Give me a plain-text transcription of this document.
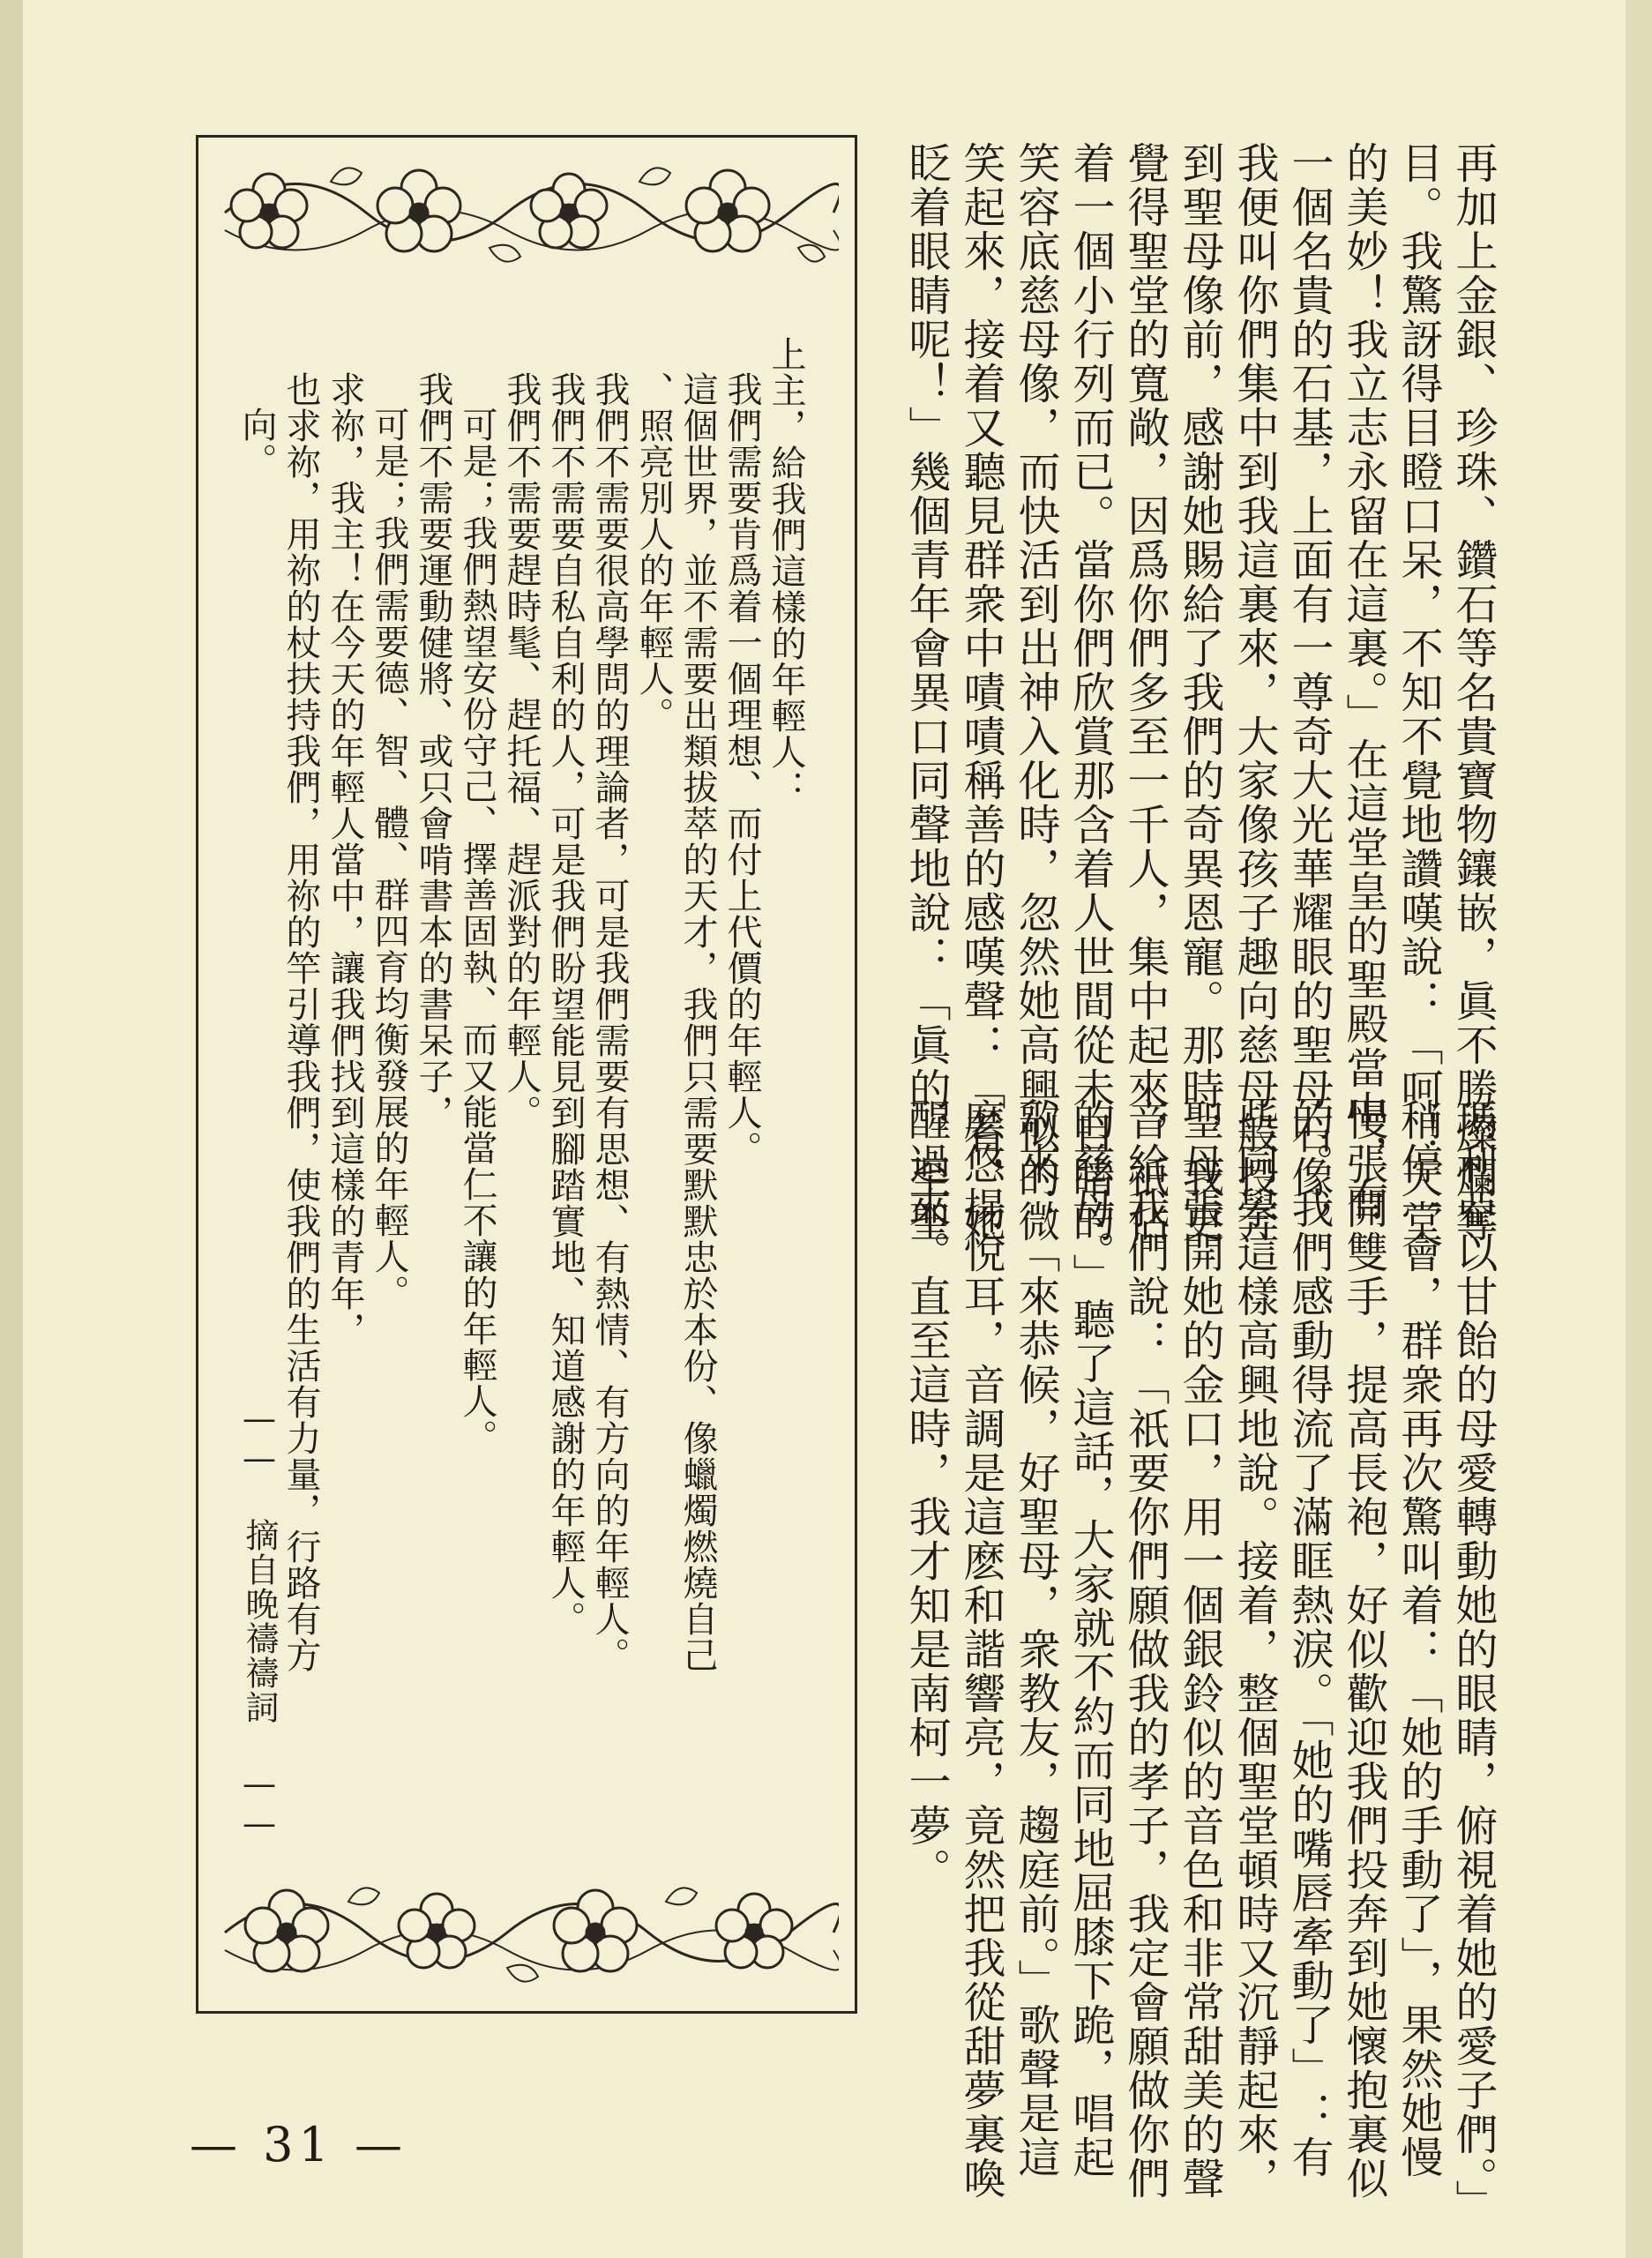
再加上金銀、珍珠、鑽石等名貴寶物鑲嵌，眞不勝燦爛奪
目。我驚訝得目瞪口呆，不知不覺地讚嘆說：「呵！天堂
的美妙！我立志永留在這裏。」在這堂皇的聖殿當中，有
一個名貴的石基，上面有一尊奇大光華耀眼的聖母石像，
我便叫你們集中到我這裏來，大家像孩子趣向慈母般投奔
到聖母像前，感謝她賜給了我們的奇異恩寵。那時，我更
覺得聖堂的寬敞，因爲你們多至一千人，集中起來，祇佔
着一個小行列而已。當你們欣賞那含着人世間從未目睹的
笑容底慈母像，而快活到出神入化時，忽然她高興似的微
笑起來，接着又聽見群衆中嘖嘖稱善的感嘆聲：「看，她
眨着眼睛呢！」幾個青年會異口同聲地說：「眞的，至聖
瑪利亞以甘飴的母愛轉動她的眼睛，俯視着她的愛子們。」
稍停一會，群衆再次驚叫着：「她的手動了」，果然她慢
慢張開雙手，提高長袍，好似歡迎我們投奔到她懷抱裏似
的。我們感動得流了滿眶熱淚。「她的嘴唇牽動了」：有
些同學這樣高興地說。接着，整個聖堂頓時又沉靜起來，
聖母張開她的金口，用一個銀鈴似的音色和非常甜美的聲
音給我們說：「祇要你們願做我的孝子，我定會願做你們
的慈母。」聽了這話，大家就不約而同地屈膝下跪，唱起
歌來：「來恭候，好聖母，衆教友，趨庭前。」歌聲是這
麽悠揚悅耳，音調是這麽和諧響亮，竟然把我從甜夢裏喚
醒過來。直至這時，我才知是南柯一夢。
上主，給我們這樣的年輕人：
我們需要肯爲着一個理想、而付上代價的年輕人。
這個世界，並不需要出類拔萃的天才，我們只需要默默忠於本份、像蠟燭燃燒自己
、照亮別人的年輕人。
我們不需要很高學問的理論者，可是我們需要有思想、有熱情、有方向的年輕人。
我們不需要自私自利的人，可是我們盼望能見到腳踏實地、知道感謝的年輕人。
我們不需要趕時髦、趕托福、趕派對的年輕人。
可是；我們熱望安份守己、擇善固執、而又能當仁不讓的年輕人。
我們不需要運動健將、或只會啃書本的書呆子，
可是；我們需要德、智、體、群四育均衡發展的年輕人。
求祢，我主！在今天的年輕人當中，讓我們找到這樣的青年，
也求祢，用祢的杖扶持我們，用祢的竿引導我們，使我們的生活有力量，行路有方
向。
—— 摘自晚禱禱詞 ——
— 31 —
